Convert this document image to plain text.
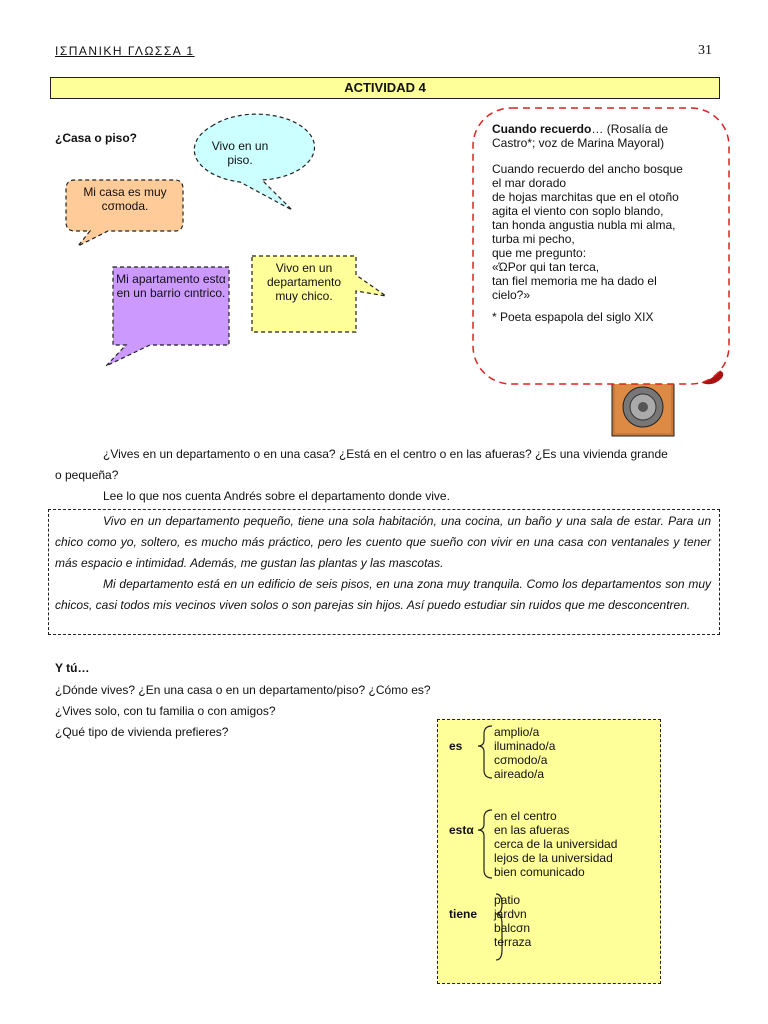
ΙΣΠΑΝΙΚΗ ΓΛΩΣΣΑ 1	31
ACTIVIDAD 4
¿Casa o piso?
Vivo en un piso.
Mi casa es muy cσmoda.
Mi apartamento estα en un barrio cιntrico.
Vivo en un departamento muy chico.
Cuando recuerdo… (Rosalía de Castro*; voz de Marina Mayoral)
Cuando recuerdo del ancho bosque
el mar dorado
de hojas marchitas que en el otoño
agita el viento con soplo blando,
tan honda angustia nubla mi alma,
turba mi pecho,
que me pregunto:
«ΏPor qui tan terca,
tan fiel memoria me ha dado el
cielo?»
* Poeta espapola del siglo XIX
¿Vives en un departamento o en una casa? ¿Está en el centro o en las afueras? ¿Es una vivienda grande
o pequeña?
Lee lo que nos cuenta Andrés sobre el departamento donde vive.
Vivo en un departamento pequeño, tiene una sola habitación, una cocina, un baño y una sala de estar. Para un chico como yo, soltero, es mucho más práctico, pero les cuento que sueño con vivir en una casa con ventanales y tener más espacio e intimidad. Además, me gustan las plantas y las mascotas.
Mi departamento está en un edificio de seis pisos, en una zona muy tranquila. Como los departamentos son muy chicos, casi todos mis vecinos viven solos o son parejas sin hijos. Así puedo estudiar sin ruidos que me desconcentren.
Y tú…
¿Dónde vives? ¿En una casa o en un departamento/piso? ¿Cómo es?
¿Vives solo, con tu familia o con amigos?
¿Qué tipo de vivienda prefieres?
es
amplio/a
iluminado/a
cσmodo/a
aireado/a
estα
en el centro
en las afueras
cerca de la universidad
lejos de la universidad
bien comunicado
tiene
patio
jardνn
balcσn
terraza
